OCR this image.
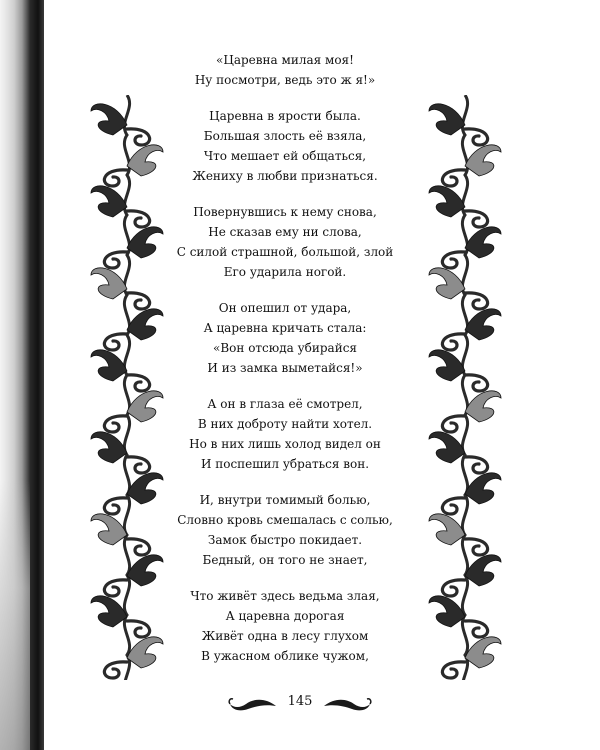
«Царевна милая моя!
Ну посмотри, ведь это ж я!»
Царевна в ярости была.
Большая злость её взяла,
Что мешает ей общаться,
Жениху в любви признаться.
Повернувшись к нему снова,
Не сказав ему ни слова,
С силой страшной, большой, злой
Его ударила ногой.
Он опешил от удара,
А царевна кричать стала:
«Вон отсюда убирайся
И из замка выметайся!»
А он в глаза её смотрел,
В них доброту найти хотел.
Но в них лишь холод видел он
И поспешил убраться вон.
И, внутри томимый болью,
Словно кровь смешалась с солью,
Замок быстро покидает.
Бедный, он того не знает,
Что живёт здесь ведьма злая,
А царевна дорогая
Живёт одна в лесу глухом
В ужасном облике чужом,
145
